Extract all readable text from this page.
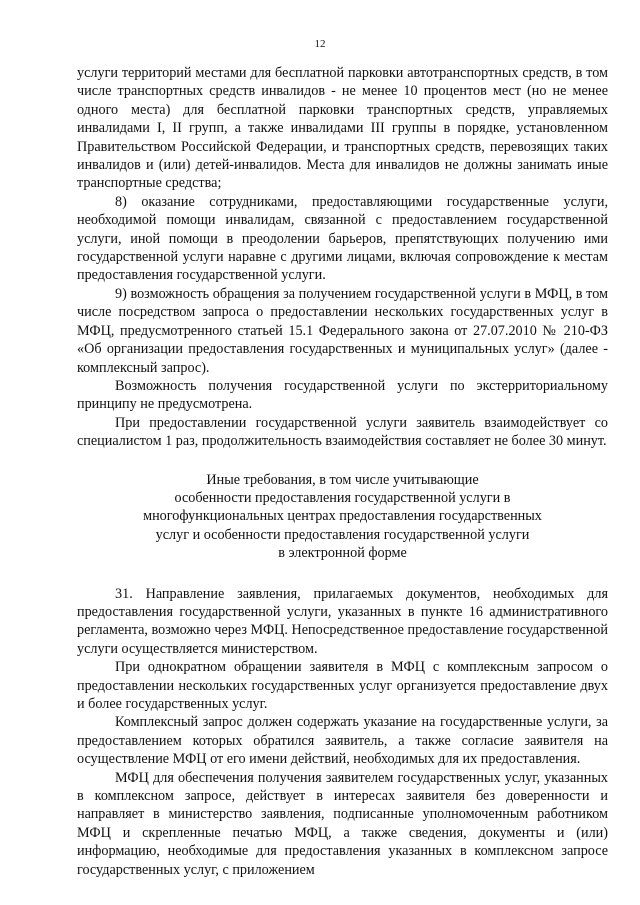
12

услуги территорий местами для бесплатной парковки автотранспортных средств, в том числе транспортных средств инвалидов - не менее 10 процентов мест (но не менее одного места) для бесплатной парковки транспортных средств, управляемых инвалидами I, II групп, а также инвалидами III группы в порядке, установленном Правительством Российской Федерации, и транспортных средств, перевозящих таких инвалидов и (или) детей-инвалидов. Места для инвалидов не должны занимать иные транспортные средства;

8) оказание сотрудниками, предоставляющими государственные услуги, необходимой помощи инвалидам, связанной с предоставлением государственной услуги, иной помощи в преодолении барьеров, препятствующих получению ими государственной услуги наравне с другими лицами, включая сопровождение к местам предоставления государственной услуги.

9) возможность обращения за получением государственной услуги в МФЦ, в том числе посредством запроса о предоставлении нескольких государственных услуг в МФЦ, предусмотренного статьей 15.1 Федерального закона от 27.07.2010 № 210-ФЗ «Об организации предоставления государственных и муниципальных услуг» (далее - комплексный запрос).

Возможность получения государственной услуги по экстерриториальному принципу не предусмотрена.

При предоставлении государственной услуги заявитель взаимодействует со специалистом 1 раз, продолжительность взаимодействия составляет не более 30 минут.

Иные требования, в том числе учитывающие
особенности предоставления государственной услуги в
многофункциональных центрах предоставления государственных
услуг и особенности предоставления государственной услуги
в электронной форме

31. Направление заявления, прилагаемых документов, необходимых для предоставления государственной услуги, указанных в пункте 16 административного регламента, возможно через МФЦ. Непосредственное предоставление государственной услуги осуществляется министерством.

При однократном обращении заявителя в МФЦ с комплексным запросом о предоставлении нескольких государственных услуг организуется предоставление двух и более государственных услуг.

Комплексный запрос должен содержать указание на государственные услуги, за предоставлением которых обратился заявитель, а также согласие заявителя на осуществление МФЦ от его имени действий, необходимых для их предоставления.

МФЦ для обеспечения получения заявителем государственных услуг, указанных в комплексном запросе, действует в интересах заявителя без доверенности и направляет в министерство заявления, подписанные уполномоченным работником МФЦ и скрепленные печатью МФЦ, а также сведения, документы и (или) информацию, необходимые для предоставления указанных в комплексном запросе государственных услуг, с приложением
